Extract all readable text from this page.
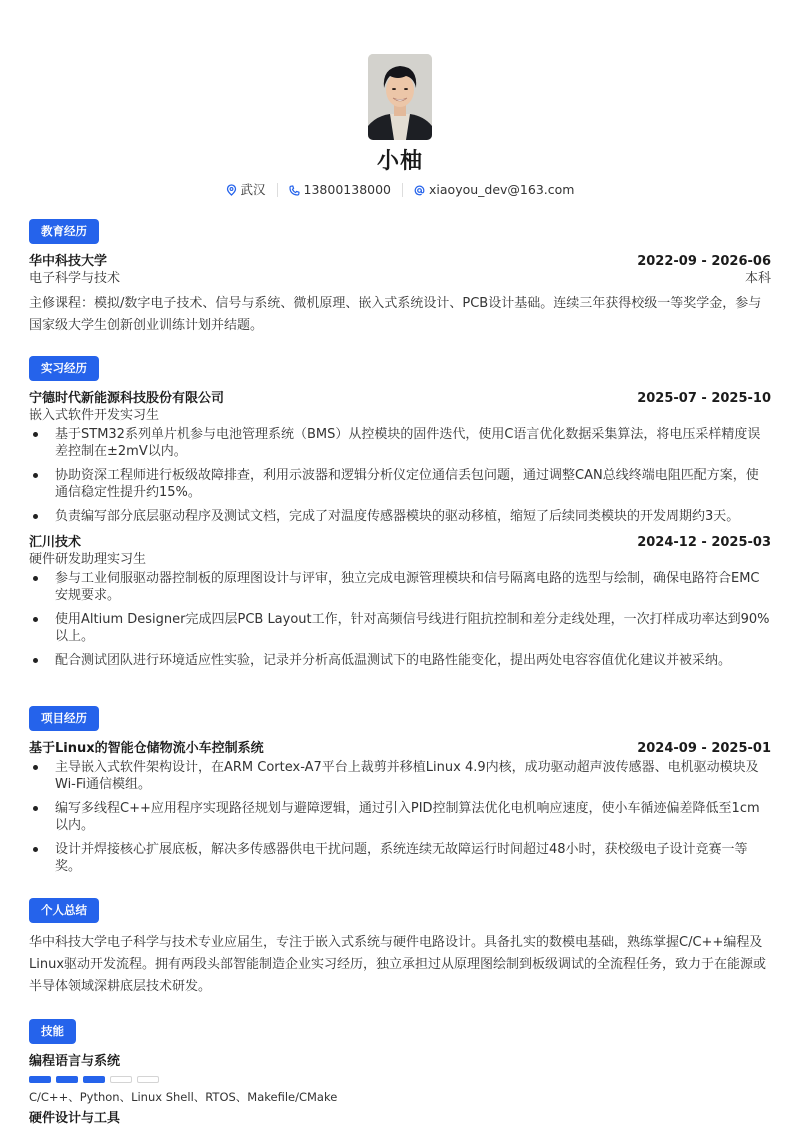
小柚
武汉	13800138000	xiaoyou_dev@163.com
教育经历
华中科技大学	2022-09 - 2026-06
电子科学与技术	本科
主修课程：模拟/数字电子技术、信号与系统、微机原理、嵌入式系统设计、PCB设计基础。连续三年获得校级一等奖学金，参与国家级大学生创新创业训练计划并结题。
实习经历
宁德时代新能源科技股份有限公司	2025-07 - 2025-10
嵌入式软件开发实习生
基于STM32系列单片机参与电池管理系统（BMS）从控模块的固件迭代，使用C语言优化数据采集算法，将电压采样精度误差控制在±2mV以内。
协助资深工程师进行板级故障排查，利用示波器和逻辑分析仪定位通信丢包问题，通过调整CAN总线终端电阻匹配方案，使通信稳定性提升约15%。
负责编写部分底层驱动程序及测试文档，完成了对温度传感器模块的驱动移植，缩短了后续同类模块的开发周期约3天。
汇川技术	2024-12 - 2025-03
硬件研发助理实习生
参与工业伺服驱动器控制板的原理图设计与评审，独立完成电源管理模块和信号隔离电路的选型与绘制，确保电路符合EMC安规要求。
使用Altium Designer完成四层PCB Layout工作，针对高频信号线进行阻抗控制和差分走线处理，一次打样成功率达到90%以上。
配合测试团队进行环境适应性实验，记录并分析高低温测试下的电路性能变化，提出两处电容容值优化建议并被采纳。
项目经历
基于Linux的智能仓储物流小车控制系统	2024-09 - 2025-01
主导嵌入式软件架构设计，在ARM Cortex-A7平台上裁剪并移植Linux 4.9内核，成功驱动超声波传感器、电机驱动模块及Wi-Fi通信模组。
编写多线程C++应用程序实现路径规划与避障逻辑，通过引入PID控制算法优化电机响应速度，使小车循迹偏差降低至1cm以内。
设计并焊接核心扩展底板，解决多传感器供电干扰问题，系统连续无故障运行时间超过48小时，获校级电子设计竞赛一等奖。
个人总结
华中科技大学电子科学与技术专业应届生，专注于嵌入式系统与硬件电路设计。具备扎实的数模电基础，熟练掌握C/C++编程及Linux驱动开发流程。拥有两段头部智能制造企业实习经历，独立承担过从原理图绘制到板级调试的全流程任务，致力于在能源或半导体领域深耕底层技术研发。
技能
编程语言与系统
C/C++、Python、Linux Shell、RTOS、Makefile/CMake
硬件设计与工具
